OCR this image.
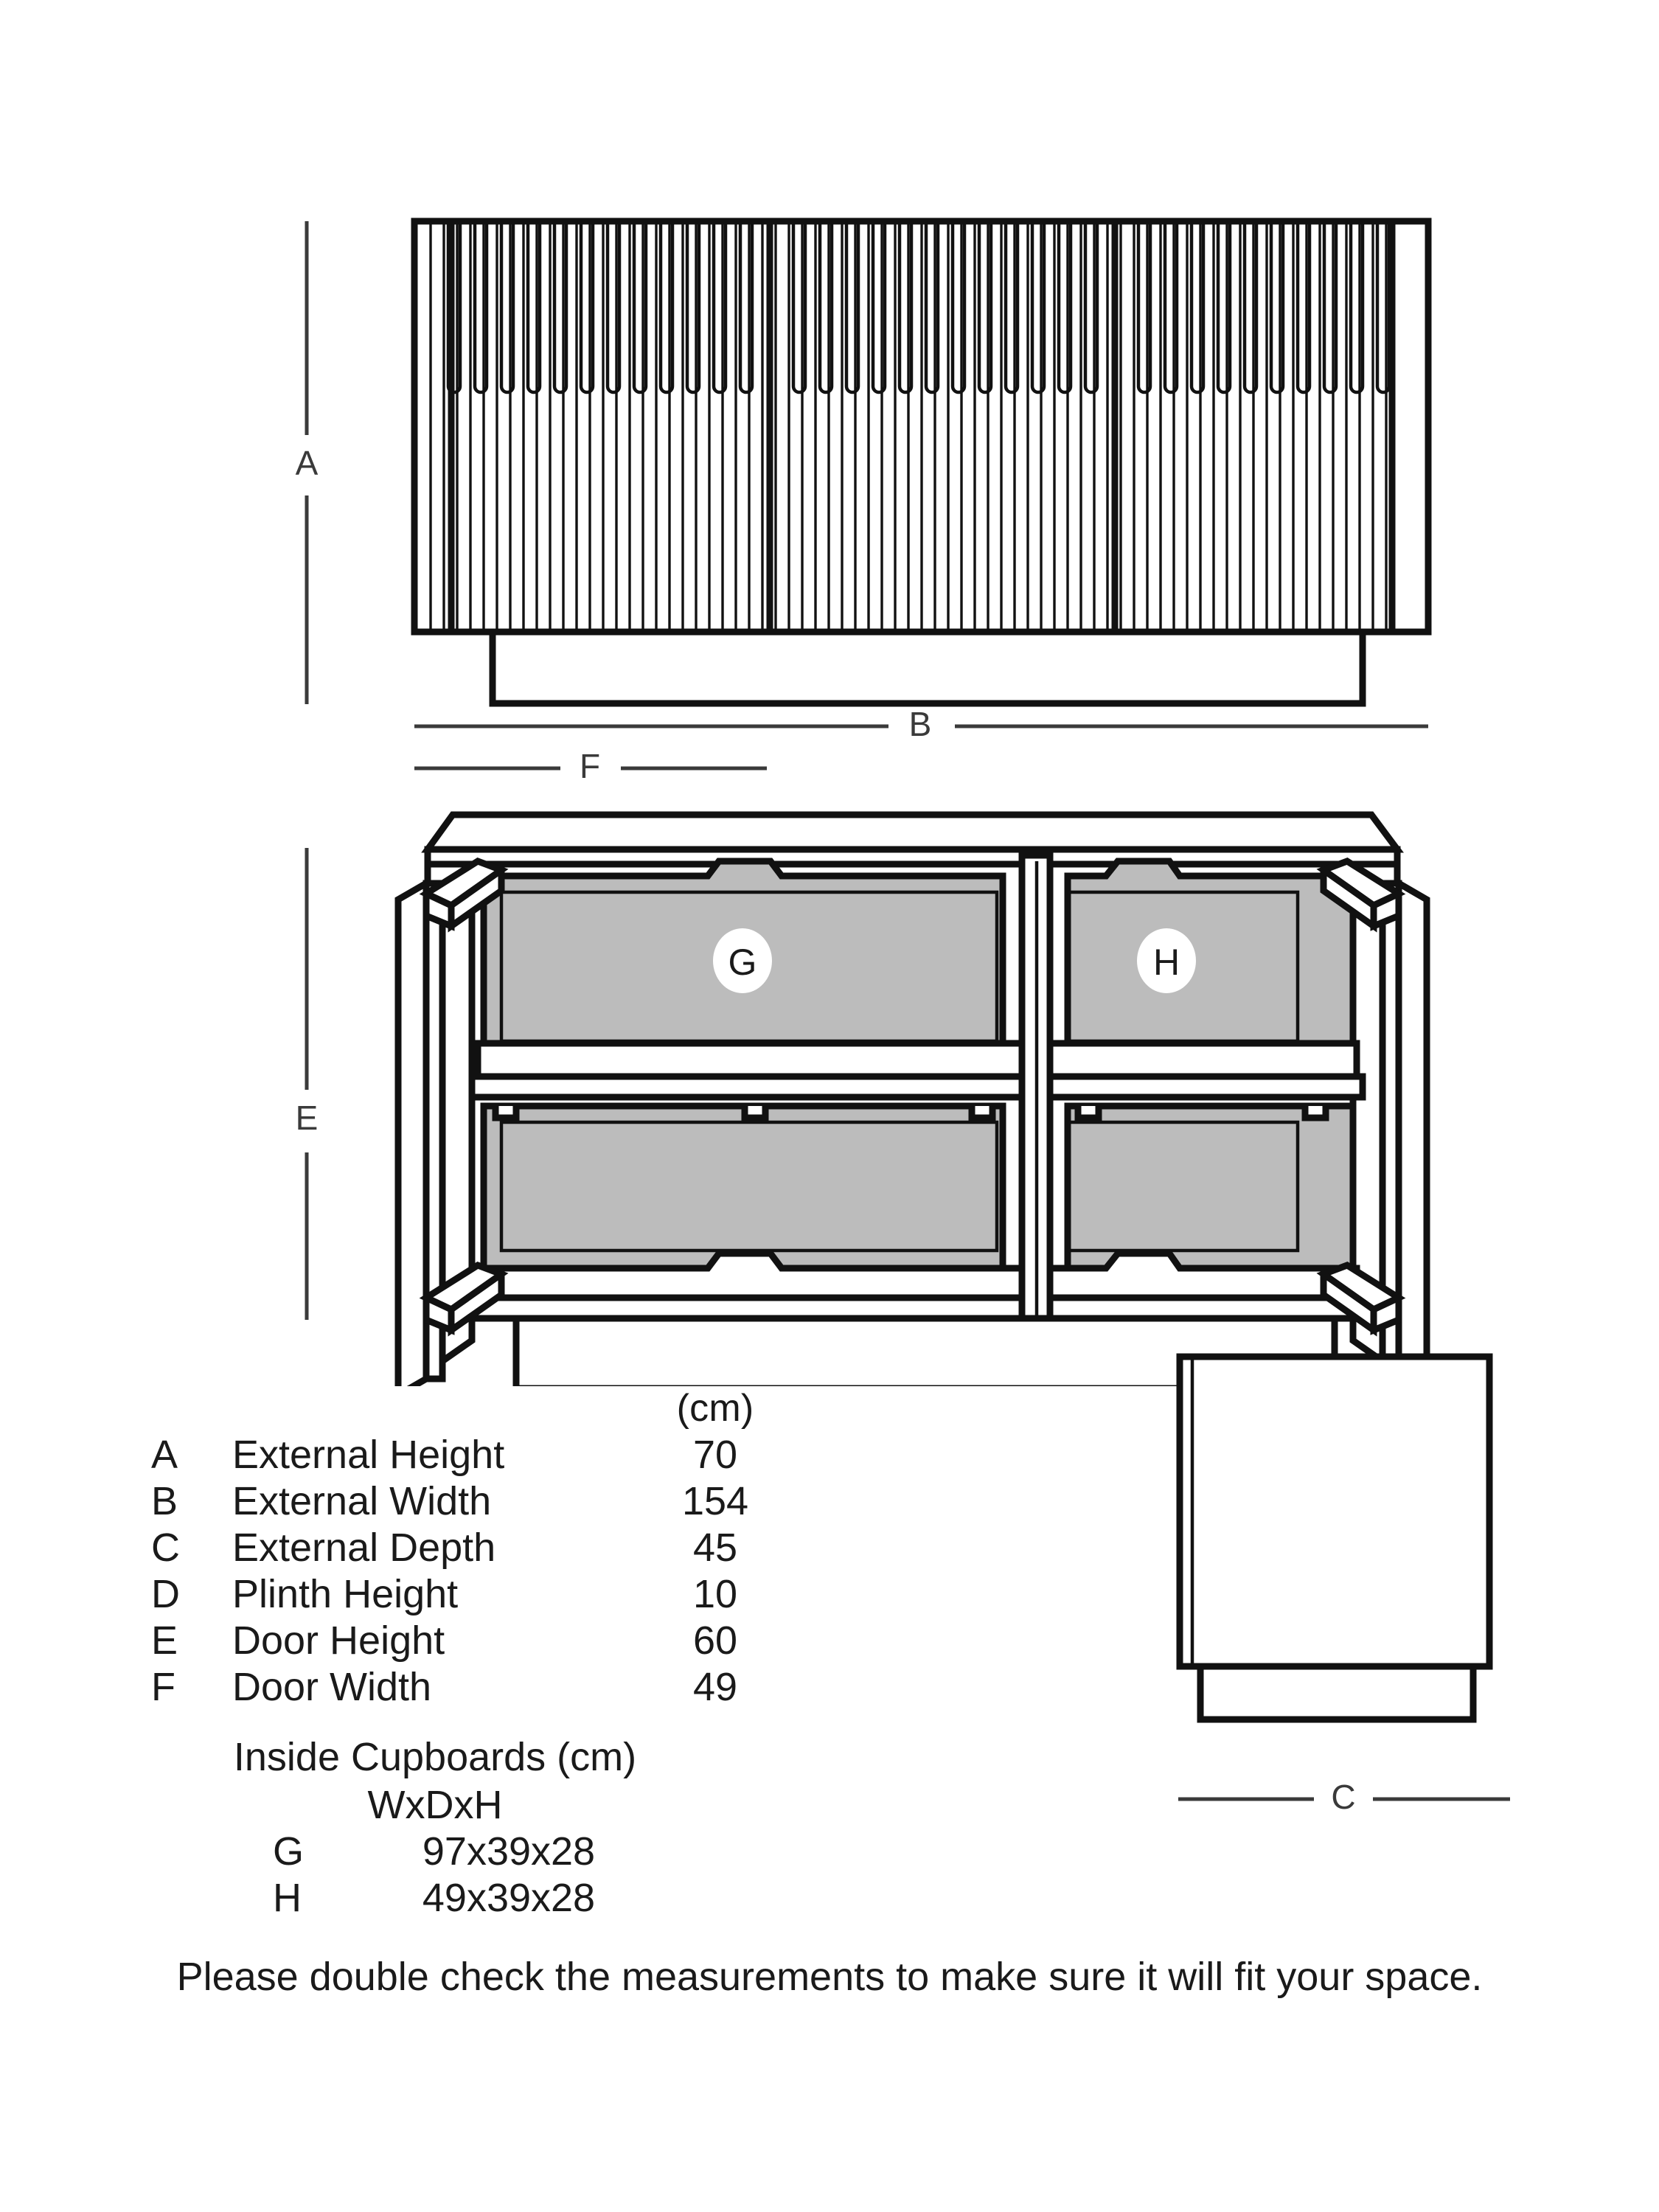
A
B
F
E
G	H
C
(cm)
A External Height	70
B External Width	154
C External Depth	45
D Plinth Height	10
E Door Height	60
F Door Width	49
Inside Cupboards (cm)
WxDxH
G	97x39x28
H	49x39x28
Please double check the measurements to make sure it will fit your space.
